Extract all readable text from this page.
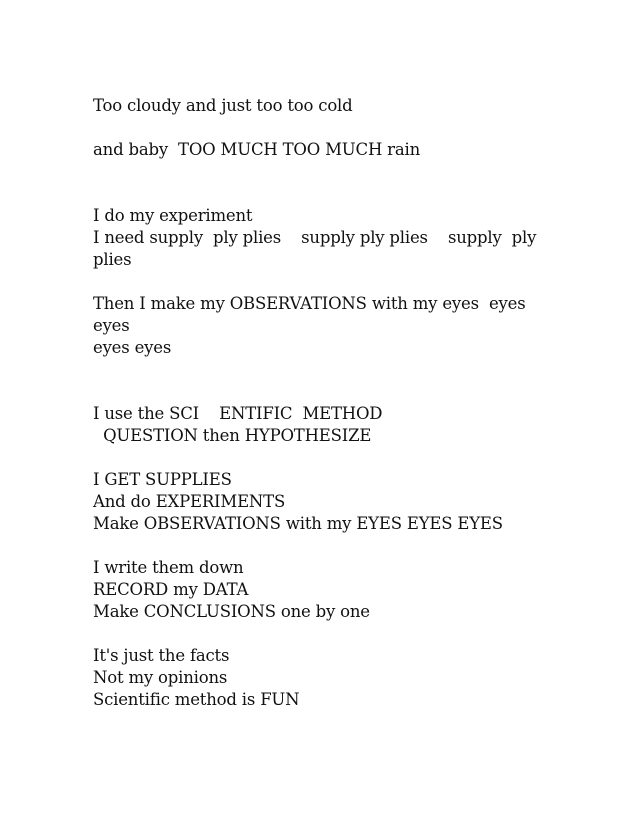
Too cloudy and just too too cold
and baby  TOO MUCH TOO MUCH rain
I do my experiment
I need supply  ply plies    supply ply plies    supply  ply
plies
Then I make my OBSERVATIONS with my eyes  eyes
eyes
eyes eyes
I use the SCI    ENTIFIC  METHOD
QUESTION then HYPOTHESIZE
I GET SUPPLIES
And do EXPERIMENTS
Make OBSERVATIONS with my EYES EYES EYES
I write them down
RECORD my DATA
Make CONCLUSIONS one by one
It's just the facts
Not my opinions
Scientific method is FUN
